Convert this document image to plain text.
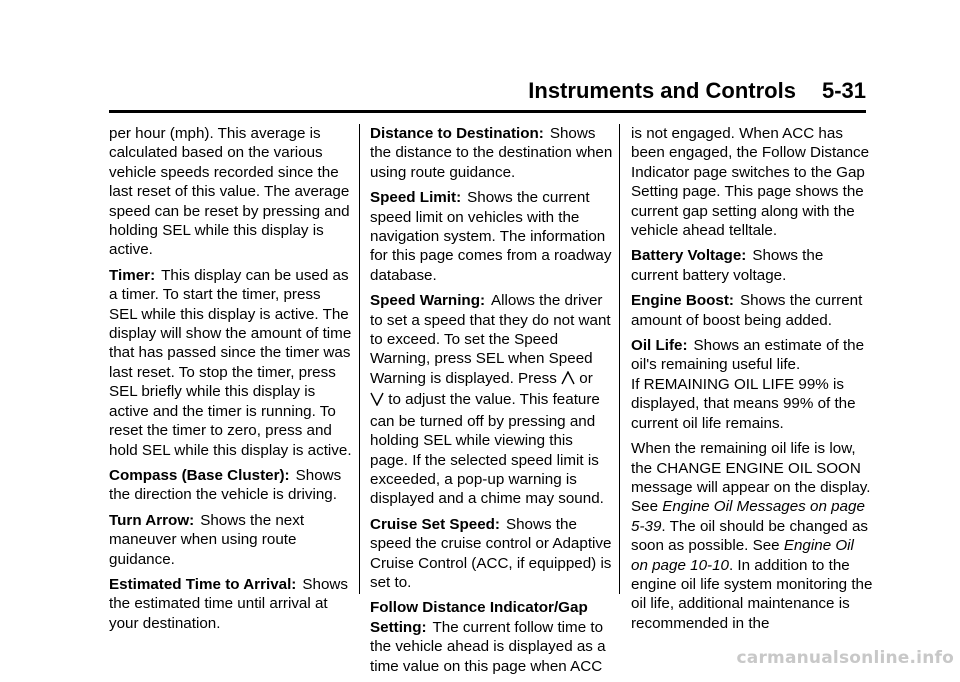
Instruments and Controls 5-31

per hour (mph). This average is calculated based on the various vehicle speeds recorded since the last reset of this value. The average speed can be reset by pressing and holding SEL while this display is active.

Timer: This display can be used as a timer. To start the timer, press SEL while this display is active. The display will show the amount of time that has passed since the timer was last reset. To stop the timer, press SEL briefly while this display is active and the timer is running. To reset the timer to zero, press and hold SEL while this display is active.

Compass (Base Cluster): Shows the direction the vehicle is driving.

Turn Arrow: Shows the next maneuver when using route guidance.

Estimated Time to Arrival: Shows the estimated time until arrival at your destination.

Distance to Destination: Shows the distance to the destination when using route guidance.

Speed Limit: Shows the current speed limit on vehicles with the navigation system. The information for this page comes from a roadway database.

Speed Warning: Allows the driver to set a speed that they do not want to exceed. To set the Speed Warning, press SEL when Speed Warning is displayed. Press or
to adjust the value. This feature can be turned off by pressing and holding SEL while viewing this page. If the selected speed limit is exceeded, a pop-up warning is displayed and a chime may sound.

Cruise Set Speed: Shows the speed the cruise control or Adaptive Cruise Control (ACC, if equipped) is set to.

Follow Distance Indicator/Gap Setting: The current follow time to the vehicle ahead is displayed as a time value on this page when ACC

is not engaged. When ACC has been engaged, the Follow Distance Indicator page switches to the Gap Setting page. This page shows the current gap setting along with the vehicle ahead telltale.

Battery Voltage: Shows the current battery voltage.

Engine Boost: Shows the current amount of boost being added.

Oil Life: Shows an estimate of the oil's remaining useful life.
If REMAINING OIL LIFE 99% is displayed, that means 99% of the current oil life remains.

When the remaining oil life is low, the CHANGE ENGINE OIL SOON message will appear on the display. See Engine Oil Messages on page 5-39. The oil should be changed as soon as possible. See Engine Oil on page 10-10. In addition to the engine oil life system monitoring the oil life, additional maintenance is recommended in the

carmanualsonline.info
